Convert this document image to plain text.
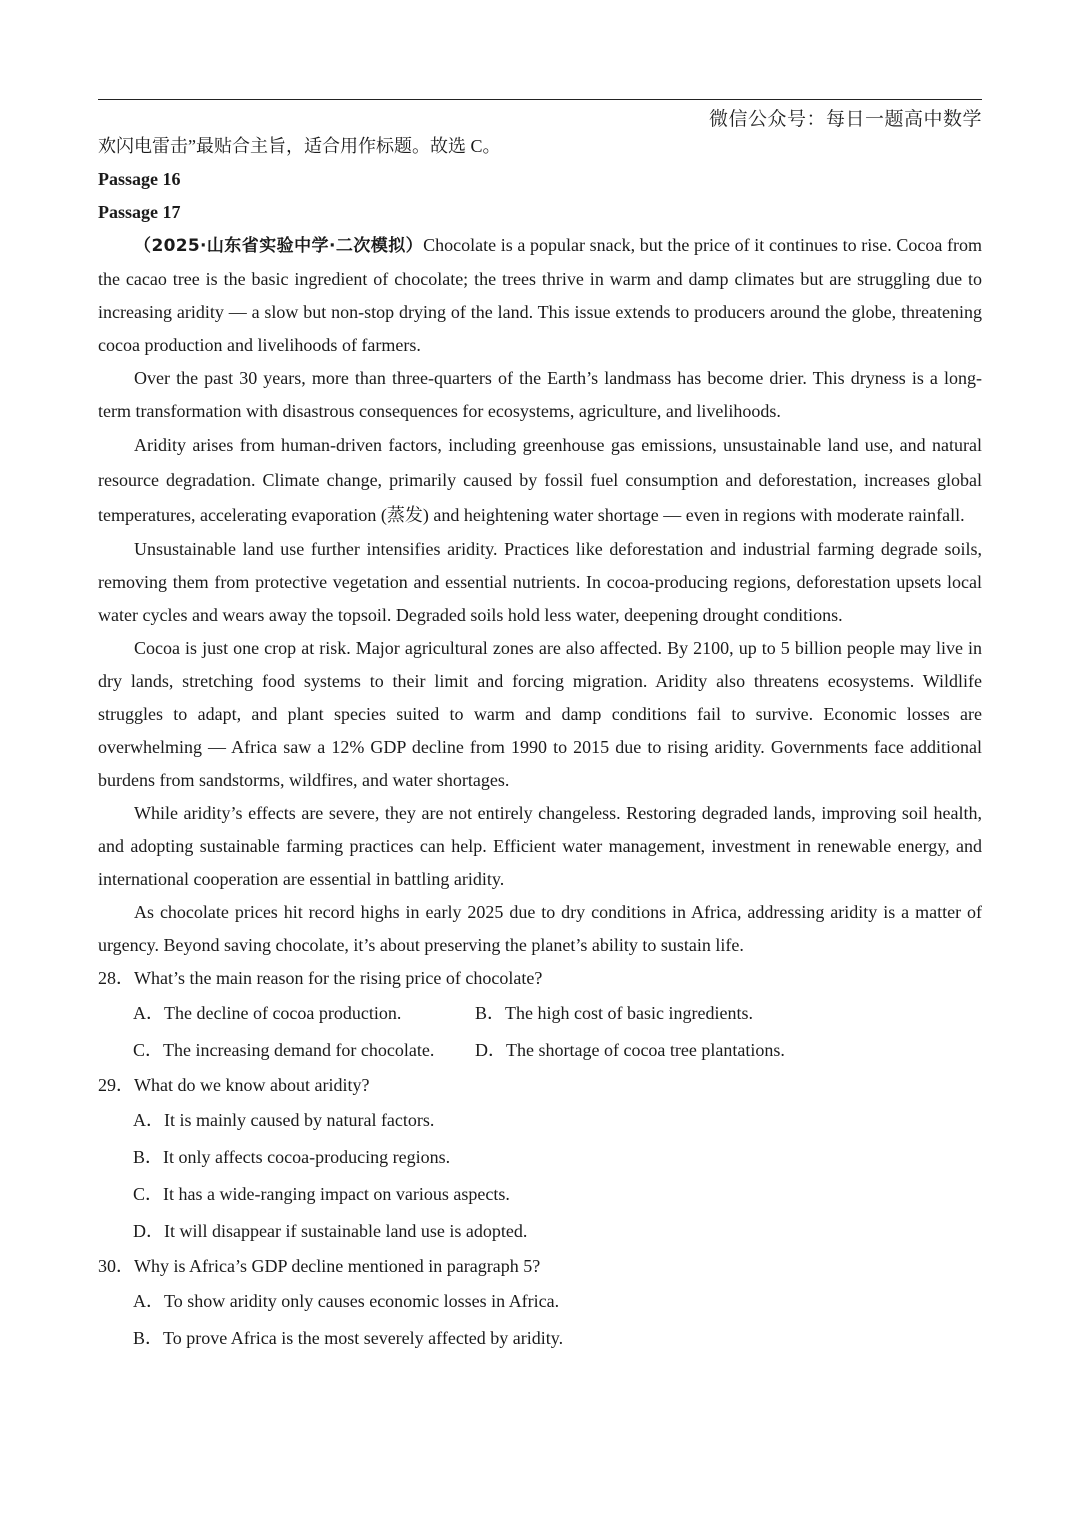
微信公众号：每日一题高中数学

欢闪电雷击”最贴合主旨，适合用作标题。故选 C。

Passage 16

Passage 17

（2025·山东省实验中学·二次模拟）Chocolate is a popular snack, but the price of it continues to rise. Cocoa from the cacao tree is the basic ingredient of chocolate; the trees thrive in warm and damp climates but are struggling due to increasing aridity — a slow but non-stop drying of the land. This issue extends to producers around the globe, threatening cocoa production and livelihoods of farmers.

Over the past 30 years, more than three-quarters of the Earth’s landmass has become drier. This dryness is a long-term transformation with disastrous consequences for ecosystems, agriculture, and livelihoods.

Aridity arises from human-driven factors, including greenhouse gas emissions, unsustainable land use, and natural resource degradation. Climate change, primarily caused by fossil fuel consumption and deforestation, increases global temperatures, accelerating evaporation (蒸发) and heightening water shortage — even in regions with moderate rainfall.

Unsustainable land use further intensifies aridity. Practices like deforestation and industrial farming degrade soils, removing them from protective vegetation and essential nutrients. In cocoa-producing regions, deforestation upsets local water cycles and wears away the topsoil. Degraded soils hold less water, deepening drought conditions.

Cocoa is just one crop at risk. Major agricultural zones are also affected. By 2100, up to 5 billion people may live in dry lands, stretching food systems to their limit and forcing migration. Aridity also threatens ecosystems. Wildlife struggles to adapt, and plant species suited to warm and damp conditions fail to survive. Economic losses are overwhelming — Africa saw a 12% GDP decline from 1990 to 2015 due to rising aridity. Governments face additional burdens from sandstorms, wildfires, and water shortages.

While aridity’s effects are severe, they are not entirely changeless. Restoring degraded lands, improving soil health, and adopting sustainable farming practices can help. Efficient water management, investment in renewable energy, and international cooperation are essential in battling aridity.

As chocolate prices hit record highs in early 2025 due to dry conditions in Africa, addressing aridity is a matter of urgency. Beyond saving chocolate, it’s about preserving the planet’s ability to sustain life.

28．What’s the main reason for the rising price of chocolate?

A．The decline of cocoa production.	B．The high cost of basic ingredients.
C．The increasing demand for chocolate.	D．The shortage of cocoa tree plantations.

29．What do we know about aridity?

A．It is mainly caused by natural factors.
B．It only affects cocoa-producing regions.
C．It has a wide-ranging impact on various aspects.
D．It will disappear if sustainable land use is adopted.

30．Why is Africa’s GDP decline mentioned in paragraph 5?

A．To show aridity only causes economic losses in Africa.
B．To prove Africa is the most severely affected by aridity.
